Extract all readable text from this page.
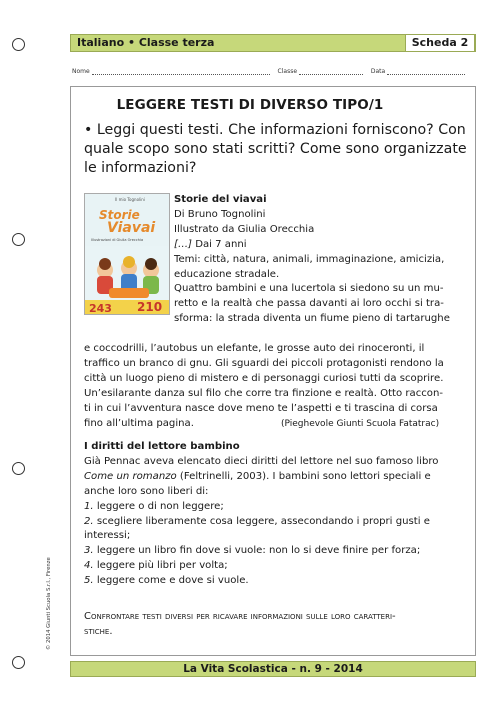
Italiano • Classe terza	Scheda 2
Nome	Classe	Data
LEGGERE TESTI DI DIVERSO TIPO/1
• Leggi questi testi. Che informazioni forniscono? Con quale scopo sono stati scritti? Come sono organizzate le informazioni?
Il mio Tognolini
Storie
Viavai
Illustrazioni di Giulia Orecchia
243 210
Storie del viavai
Di Bruno Tognolini
Illustrato da Giulia Orecchia
[…] Dai 7 anni
Temi: città, natura, animali, immaginazione, amicizia, educazione stradale.
Quattro bambini e una lucertola si siedono su un mu-
retto e la realtà che passa davanti ai loro occhi si tra-
sforma: la strada diventa un fiume pieno di tartarughe
e coccodrilli, l’autobus un elefante, le grosse auto dei rinoceronti, il
traffico un branco di gnu. Gli sguardi dei piccoli protagonisti rendono la
città un luogo pieno di mistero e di personaggi curiosi tutti da scoprire.
Un’esilarante danza sul filo che corre tra finzione e realtà. Otto raccon-
ti in cui l’avventura nasce dove meno te l’aspetti e ti trascina di corsa
fino all’ultima pagina.	(Pieghevole Giunti Scuola Fatatrac)
I diritti del lettore bambino
Già Pennac aveva elencato dieci diritti del lettore nel suo famoso libro
Come un romanzo (Feltrinelli, 2003). I bambini sono lettori speciali e
anche loro sono liberi di:
1. leggere o di non leggere;
2. scegliere liberamente cosa leggere, assecondando i propri gusti e
interessi;
3. leggere un libro fin dove si vuole: non lo si deve finire per forza;
4. leggere più libri per volta;
5. leggere come e dove si vuole.
Confrontare testi diversi per ricavare informazioni sulle loro caratteri-
stiche.
© 2014 Giunti Scuola S.r.l., Firenze
La Vita Scolastica - n. 9 - 2014
